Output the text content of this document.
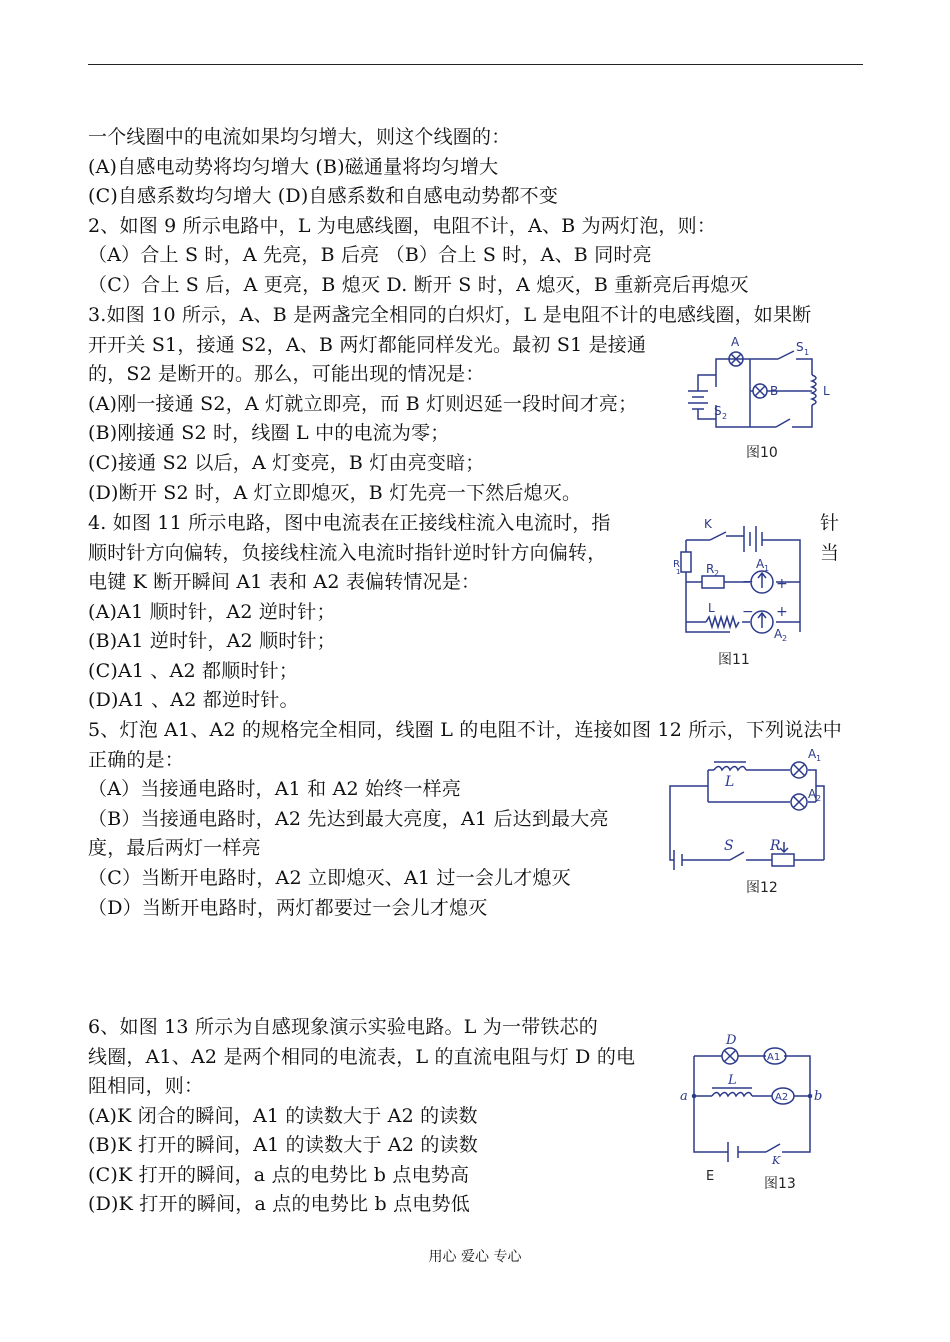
一个线圈中的电流如果均匀增大，则这个线圈的：
(A)自感电动势将均匀增大 (B)磁通量将均匀增大
(C)自感系数均匀增大 (D)自感系数和自感电动势都不变
2、如图 9 所示电路中，L 为电感线圈，电阻不计，A、B 为两灯泡，则：
（A）合上 S 时，A 先亮，B 后亮 （B）合上 S 时，A、B 同时亮
（C）合上 S 后，A 更亮，B 熄灭 D. 断开 S 时，A 熄灭，B 重新亮后再熄灭
3.如图 10 所示，A、B 是两盏完全相同的白炽灯，L 是电阻不计的电感线圈，如果断
开开关 S1，接通 S2，A、B 两灯都能同样发光。最初 S1 是接通
的，S2 是断开的。那么，可能出现的情况是：
(A)刚一接通 S2，A 灯就立即亮，而 B 灯则迟延一段时间才亮；
(B)刚接通 S2 时，线圈 L 中的电流为零；
(C)接通 S2 以后，A 灯变亮，B 灯由亮变暗；
(D)断开 S2 时，A 灯立即熄灭，B 灯先亮一下然后熄灭。
A
B
S 1
S 2
L
图10
4. 如图 11 所示电路，图中电流表在正接线柱流入电流时，指	针
顺时针方向偏转，负接线柱流入电流时指针逆时针方向偏转，	当
电键 K 断开瞬间 A1 表和 A2 表偏转情况是：
(A)A1 顺时针，A2 逆时针；
(B)A1 逆时针，A2 顺时针；
(C)A1 、A2 都顺时针；
(D)A1 、A2 都逆时针。
K
R
1 R 2
A 1
− +
L − +
A 2
图11
5、灯泡 A1、A2 的规格完全相同，线圈 L 的电阻不计，连接如图 12 所示，下列说法中
正确的是：
（A）当接通电路时，A1 和 A2 始终一样亮
（B）当接通电路时，A2 先达到最大亮度，A1 后达到最大亮
度，最后两灯一样亮
（C）当断开电路时，A2 立即熄灭、A1 过一会儿才熄灭
（D）当断开电路时，两灯都要过一会儿才熄灭
L
A 1
A 2
S	R
图12
6、如图 13 所示为自感现象演示实验电路。L 为一带铁芯的
线圈，A1、A2 是两个相同的电流表，L 的直流电阻与灯 D 的电
阻相同，则：
(A)K 闭合的瞬间，A1 的读数大于 A2 的读数
(B)K 打开的瞬间，A1 的读数大于 A2 的读数
(C)K 打开的瞬间，a 点的电势比 b 点电势高
(D)K 打开的瞬间，a 点的电势比 b 点电势低
D
A1
L
A2
a	b
K
E	图13
用心 爱心 专心
